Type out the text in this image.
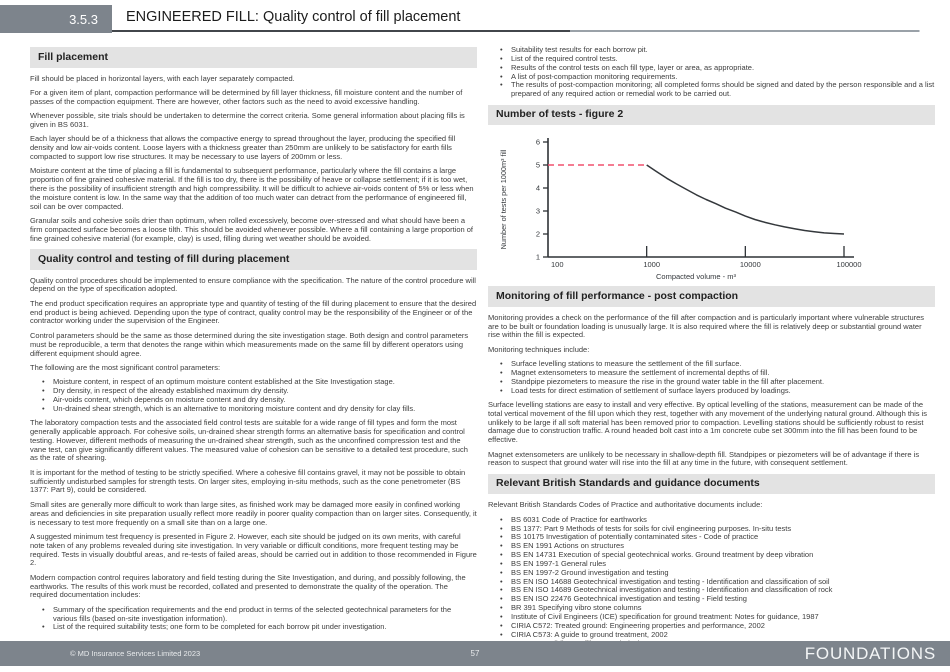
3.5.3 ENGINEERED FILL: Quality control of fill placement
Fill placement

Fill should be placed in horizontal layers, with each layer separately compacted.

For a given item of plant, compaction performance will be determined by fill layer thickness, fill moisture content and the number of passes of the compaction equipment. There are however, other factors such as the need to avoid excessive handling.

Whenever possible, site trials should be undertaken to determine the correct criteria. Some general information about placing fills is given in BS 6031.

Each layer should be of a thickness that allows the compactive energy to spread throughout the layer, producing the specified fill density and low air-voids content. Loose layers with a thickness greater than 250mm are unlikely to be satisfactory for earth fills compacted to support low rise structures. It may be necessary to use layers of 200mm or less.

Moisture content at the time of placing a fill is fundamental to subsequent performance, particularly where the fill contains a large proportion of fine grained cohesive material. If the fill is too dry, there is the possibility of heave or collapse settlement; if it is too wet, there is the possibility of insufficient strength and high compressibility. It will be difficult to achieve air-voids content of 5% or less when the moisture content is low. In the same way that the addition of too much water can detract from the performance of engineered fill, soil can be over compacted.

Granular soils and cohesive soils drier than optimum, when rolled excessively, become over-stressed and what should have been a firm compacted surface becomes a loose tilth. This should be avoided whenever possible. Where a fill containing a large proportion of fine grained cohesive material (for example, clay) is used, filling during wet weather should be avoided.

Quality control and testing of fill during placement

Quality control procedures should be implemented to ensure compliance with the specification. The nature of the control procedure will depend on the type of specification adopted.

The end product specification requires an appropriate type and quantity of testing of the fill during placement to ensure that the desired end product is being achieved. Depending upon the type of contract, quality control may be the responsibility of the Engineer or of the contractor working under the supervision of the Engineer.

Control parameters should be the same as those determined during the site investigation stage. Both design and control parameters must be reproducible, a term that denotes the range within which measurements made on the same fill by different operators using different equipment should agree.

The following are the most significant control parameters:

• Moisture content, in respect of an optimum moisture content established at the Site Investigation stage.
• Dry density, in respect of the already established maximum dry density.
• Air-voids content, which depends on moisture content and dry density.
• Un-drained shear strength, which is an alternative to monitoring moisture content and dry density for clay fills.

The laboratory compaction tests and the associated field control tests are suitable for a wide range of fill types and form the most generally applicable approach. For cohesive soils, un-drained shear strength forms an alternative basis for specification and control testing. However, different methods of measuring the un-drained shear strength, such as the unconfined compression test and the vane test, can give significantly different values. The measured value of cohesion can be sensitive to a detailed test procedure, such as the rate of shearing.

It is important for the method of testing to be strictly specified. Where a cohesive fill contains gravel, it may not be possible to obtain sufficiently undisturbed samples for strength tests. On larger sites, employing in-situ methods, such as the cone penetrometer (BS 1377: Part 9), could be considered.

Small sites are generally more difficult to work than large sites, as finished work may be damaged more easily in confined working areas and deficiencies in site preparation usually reflect more readily in poorer quality compaction than on larger sites. Consequently, it is necessary to test more frequently on a small site than on a large one.

A suggested minimum test frequency is presented in Figure 2. However, each site should be judged on its own merits, with careful note taken of any problems revealed during site investigation. In very variable or difficult conditions, more frequent testing may be required. Tests in visually doubtful areas, and re-tests of failed areas, should be carried out in addition to those recommended in Figure 2.

Modern compaction control requires laboratory and field testing during the Site Investigation, and during, and possibly following, the earthworks. The results of this work must be recorded, collated and presented to demonstrate the quality of the operation. The required documentation includes:

• Summary of the specification requirements and the end product in terms of the selected geotechnical parameters for the various fills (based on-site investigation information).
• List of the required suitability tests; one form to be completed for each borrow pit under investigation.
• Suitability test results for each borrow pit.
• List of the required control tests.
• Results of the control tests on each fill type, layer or area, as appropriate.
• A list of post-compaction monitoring requirements.
• The results of post-compaction monitoring; all completed forms should be signed and dated by the person responsible and a list prepared of any required action or remedial work to be carried out.
Number of tests - figure 2
1
2
3
4
5
6
100	1000	10000	100000
Number of tests per 1000m³ fill
Compacted volume - m³
Monitoring of fill performance - post compaction

Monitoring provides a check on the performance of the fill after compaction and is particularly important where vulnerable structures are to be built or foundation loading is unusually large. It is also required where the fill is relatively deep or substantial ground water rise within the fill is expected.

Monitoring techniques include:

• Surface levelling stations to measure the settlement of the fill surface.
• Magnet extensometers to measure the settlement of incremental depths of fill.
• Standpipe piezometers to measure the rise in the ground water table in the fill after placement.
• Load tests for direct estimation of settlement of surface layers produced by loadings.

Surface levelling stations are easy to install and very effective. By optical levelling of the stations, measurement can be made of the total vertical movement of the fill upon which they rest, together with any movement of the underlying natural ground. Although this is unlikely to be large if all soft material has been removed prior to compaction. Levelling stations should be sufficiently robust to resist damage due to construction traffic. A round headed bolt cast into a 1m concrete cube set 300mm into the fill has been found to be effective.

Magnet extensometers are unlikely to be necessary in shallow-depth fill. Standpipes or piezometers will be of advantage if there is reason to suspect that ground water will rise into the fill at any time in the future, with consequent settlement.

Relevant British Standards and guidance documents

Relevant British Standards Codes of Practice and authoritative documents include:

• BS 6031 Code of Practice for earthworks
• BS 1377: Part 9 Methods of tests for soils for civil engineering purposes. In-situ tests
• BS 10175 Investigation of potentially contaminated sites - Code of practice
• BS EN 1991 Actions on structures
• BS EN 14731 Execution of special geotechnical works. Ground treatment by deep vibration
• BS EN 1997-1 General rules
• BS EN 1997-2 Ground investigation and testing
• BS EN ISO 14688 Geotechnical investigation and testing - Identification and classification of soil
• BS EN ISO 14689 Geotechnical investigation and testing - Identification and classification of rock
• BS EN ISO 22476 Geotechnical investigation and testing - Field testing
• BR 391 Specifying vibro stone columns
• Institute of Civil Engineers (ICE) specification for ground treatment: Notes for guidance, 1987
• CIRIA C572: Treated ground: Engineering properties and performance, 2002
• CIRIA C573: A guide to ground treatment, 2002
•
•
© MD Insurance Services Limited 2023	57	FOUNDATIONS
